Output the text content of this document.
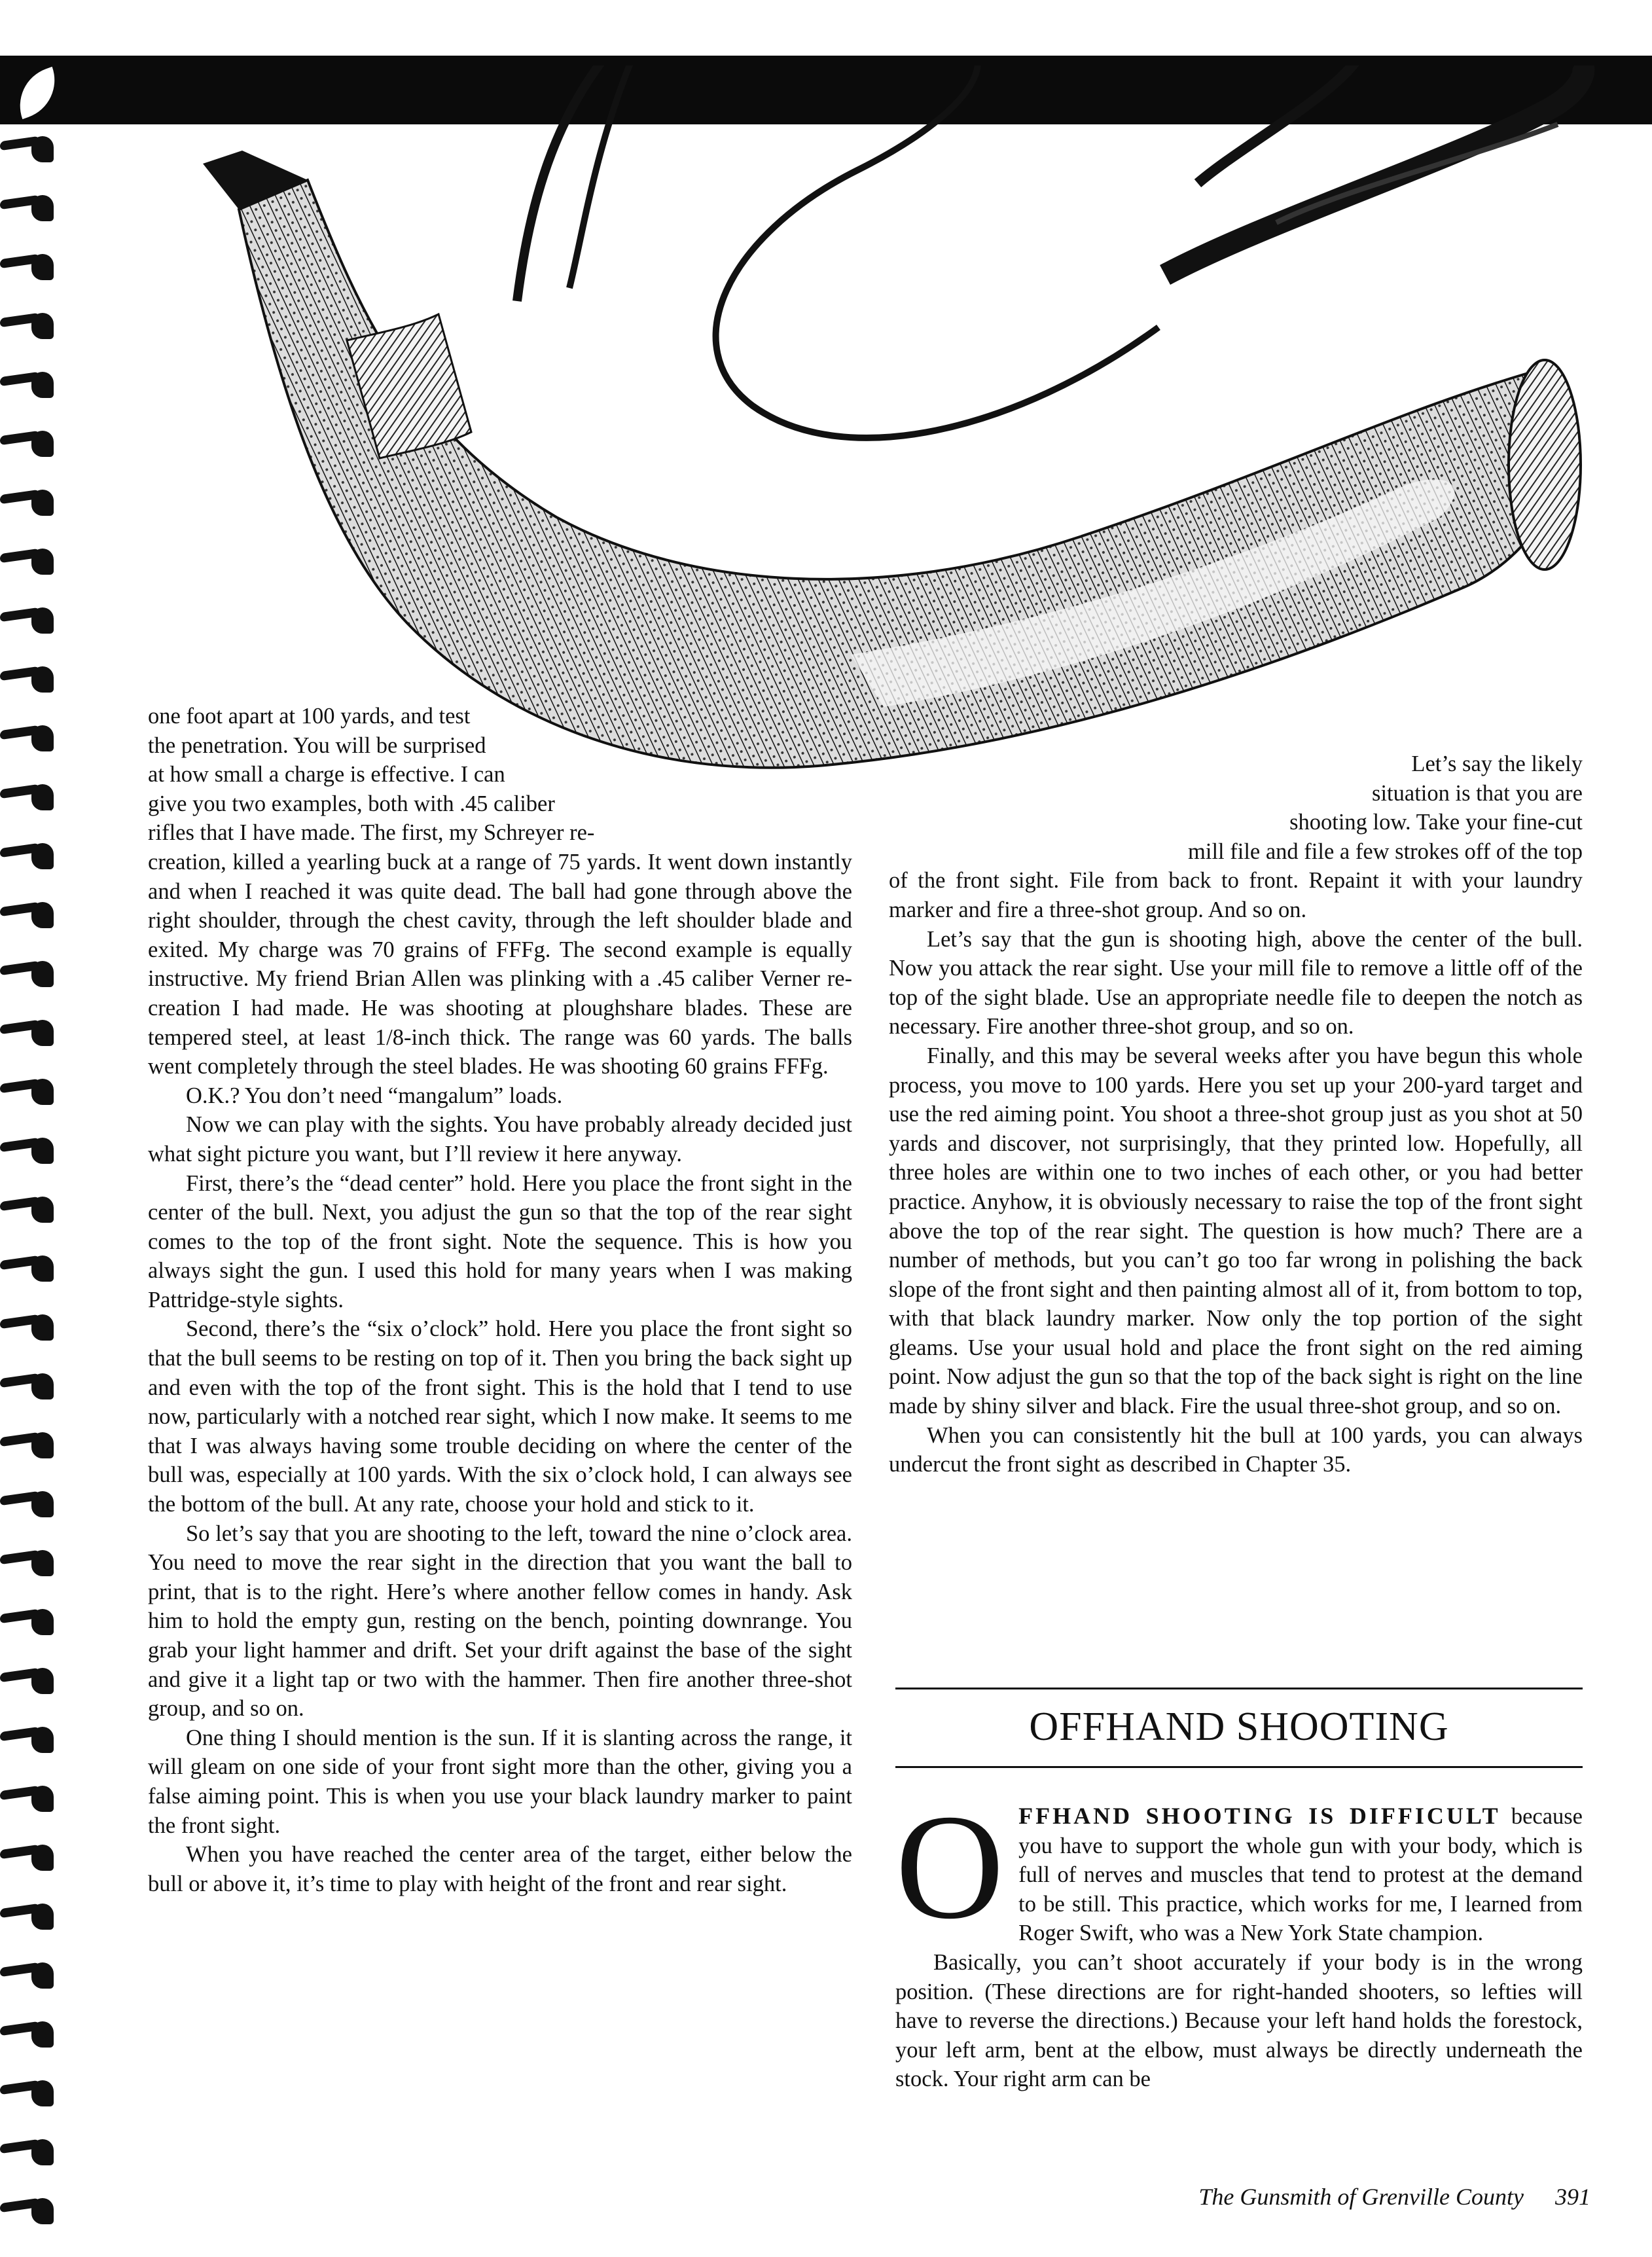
one foot apart at 100 yards, and test
the penetration. You will be surprised
at how small a charge is effective. I can
give you two examples, both with .45 caliber
rifles that I have made. The first, my Schreyer re-

creation, killed a yearling buck at a range of 75 yards. It went down instantly and when I reached it was quite dead. The ball had gone through above the right shoulder, through the chest cavity, through the left shoulder blade and exited. My charge was 70 grains of FFFg. The second example is equally instructive. My friend Brian Allen was plinking with a .45 caliber Verner re-creation I had made. He was shooting at ploughshare blades. These are tempered steel, at least 1/8-inch thick. The range was 60 yards. The balls went completely through the steel blades. He was shooting 60 grains FFFg.

O.K.? You don’t need “mangalum” loads.

Now we can play with the sights. You have probably already decided just what sight picture you want, but I’ll review it here anyway.

First, there’s the “dead center” hold. Here you place the front sight in the center of the bull. Next, you adjust the gun so that the top of the rear sight comes to the top of the front sight. Note the sequence. This is how you always sight the gun. I used this hold for many years when I was making Pattridge-style sights.

Second, there’s the “six o’clock” hold. Here you place the front sight so that the bull seems to be resting on top of it. Then you bring the back sight up and even with the top of the front sight. This is the hold that I tend to use now, particularly with a notched rear sight, which I now make. It seems to me that I was always having some trouble deciding on where the center of the bull was, especially at 100 yards. With the six o’clock hold, I can always see the bottom of the bull. At any rate, choose your hold and stick to it.

So let’s say that you are shooting to the left, toward the nine o’clock area. You need to move the rear sight in the direction that you want the ball to print, that is to the right. Here’s where another fellow comes in handy. Ask him to hold the empty gun, resting on the bench, pointing downrange. You grab your light hammer and drift. Set your drift against the base of the sight and give it a light tap or two with the hammer. Then fire another three-shot group, and so on.

One thing I should mention is the sun. If it is slanting across the range, it will gleam on one side of your front sight more than the other, giving you a false aiming point. This is when you use your black laundry marker to paint the front sight.

When you have reached the center area of the target, either below the bull or above it, it’s time to play with height of the front and rear sight.

Let’s say the likely
situation is that you are
shooting low. Take your fine-cut
mill file and file a few strokes off of the top

of the front sight. File from back to front. Repaint it with your laundry marker and fire a three-shot group. And so on.

Let’s say that the gun is shooting high, above the center of the bull. Now you attack the rear sight. Use your mill file to remove a little off of the top of the sight blade. Use an appropriate needle file to deepen the notch as necessary. Fire another three-shot group, and so on.

Finally, and this may be several weeks after you have begun this whole process, you move to 100 yards. Here you set up your 200-yard target and use the red aiming point. You shoot a three-shot group just as you shot at 50 yards and discover, not surprisingly, that they printed low. Hopefully, all three holes are within one to two inches of each other, or you had better practice. Anyhow, it is obviously necessary to raise the top of the front sight above the top of the rear sight. The question is how much? There are a number of methods, but you can’t go too far wrong in polishing the back slope of the front sight and then painting almost all of it, from bottom to top, with that black laundry marker. Now only the top portion of the sight gleams. Use your usual hold and place the front sight on the red aiming point. Now adjust the gun so that the top of the back sight is right on the line made by shiny silver and black. Fire the usual three-shot group, and so on.

When you can consistently hit the bull at 100 yards, you can always undercut the front sight as described in Chapter 35.

OFFHAND SHOOTING
O FFHAND SHOOTING IS DIFFICULT because you have to support the whole gun with your body, which is full of nerves and muscles that tend to protest at the demand to be still. This practice, which works for me, I learned from Roger Swift, who was a New York State champion.

Basically, you can’t shoot accurately if your body is in the wrong position. (These directions are for right-handed shooters, so lefties will have to reverse the directions.) Because your left hand holds the forestock, your left arm, bent at the elbow, must always be directly underneath the stock. Your right arm can be

The Gunsmith of Grenville County 391
